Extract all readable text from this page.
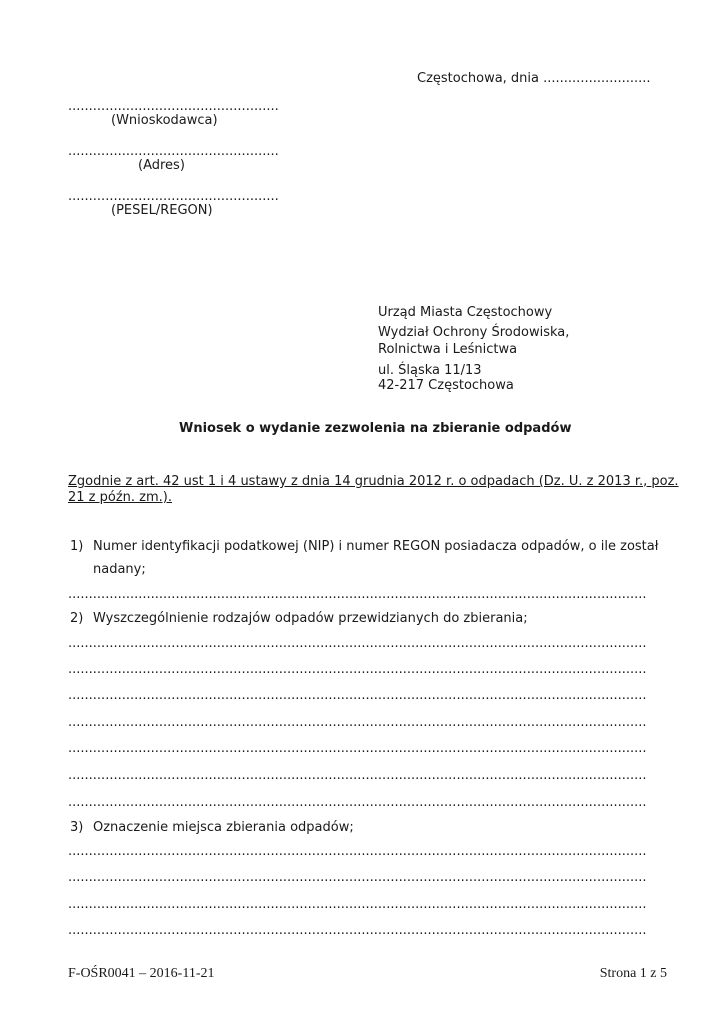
Częstochowa, dnia ..........................
...................................................
(Wnioskodawca)
...................................................
(Adres)
...................................................
(PESEL/REGON)
Urząd Miasta Częstochowy
Wydział Ochrony Środowiska,
Rolnictwa i Leśnictwa
ul. Śląska 11/13
42-217 Częstochowa
Wniosek o wydanie zezwolenia na zbieranie odpadów
Zgodnie z art. 42 ust 1 i 4 ustawy z dnia 14 grudnia 2012 r. o odpadach (Dz. U. z 2013 r., poz.
21 z późn. zm.).
1) Numer identyfikacji podatkowej (NIP) i numer REGON posiadacza odpadów, o ile został
nadany;
............................................................................................................................................
2) Wyszczególnienie rodzajów odpadów przewidzianych do zbierania;
............................................................................................................................................
............................................................................................................................................
............................................................................................................................................
............................................................................................................................................
............................................................................................................................................
............................................................................................................................................
............................................................................................................................................
3) Oznaczenie miejsca zbierania odpadów;
............................................................................................................................................
............................................................................................................................................
............................................................................................................................................
............................................................................................................................................
F-OŚR0041 – 2016-11-21	Strona 1 z 5
